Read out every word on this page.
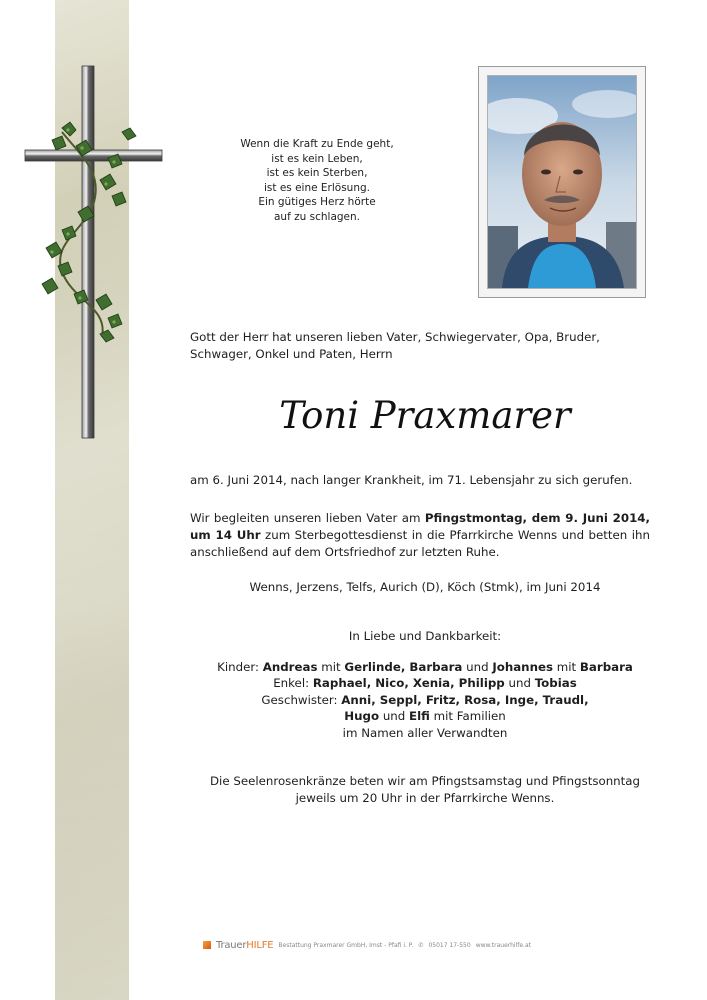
Wenn die Kraft zu Ende geht,
ist es kein Leben,
ist es kein Sterben,
ist es eine Erlösung.
Ein gütiges Herz hörte
auf zu schlagen.
Gott der Herr hat unseren lieben Vater, Schwiegervater, Opa, Bruder, Schwager, Onkel und Paten, Herrn
Toni Praxmarer
am 6. Juni 2014, nach langer Krankheit, im 71. Lebensjahr zu sich gerufen.
Wir begleiten unseren lieben Vater am Pfingstmontag, dem 9. Juni 2014, um 14 Uhr zum Sterbegottesdienst in die Pfarrkirche Wenns und betten ihn anschließend auf dem Ortsfriedhof zur letzten Ruhe.
Wenns, Jerzens, Telfs, Aurich (D), Köch (Stmk), im Juni 2014
In Liebe und Dankbarkeit:
Kinder: Andreas mit Gerlinde, Barbara und Johannes mit Barbara
Enkel: Raphael, Nico, Xenia, Philipp und Tobias
Geschwister: Anni, Seppl, Fritz, Rosa, Inge, Traudl,
Hugo und Elfi mit Familien
im Namen aller Verwandten
Die Seelenrosenkränze beten wir am Pfingstsamstag und Pfingstsonntag
jeweils um 20 Uhr in der Pfarrkirche Wenns.
TrauerHILFE Bestattung Praxmarer GmbH, Imst - Pfafi i. P. ✆ 05017 17-550 www.trauerhilfe.at
